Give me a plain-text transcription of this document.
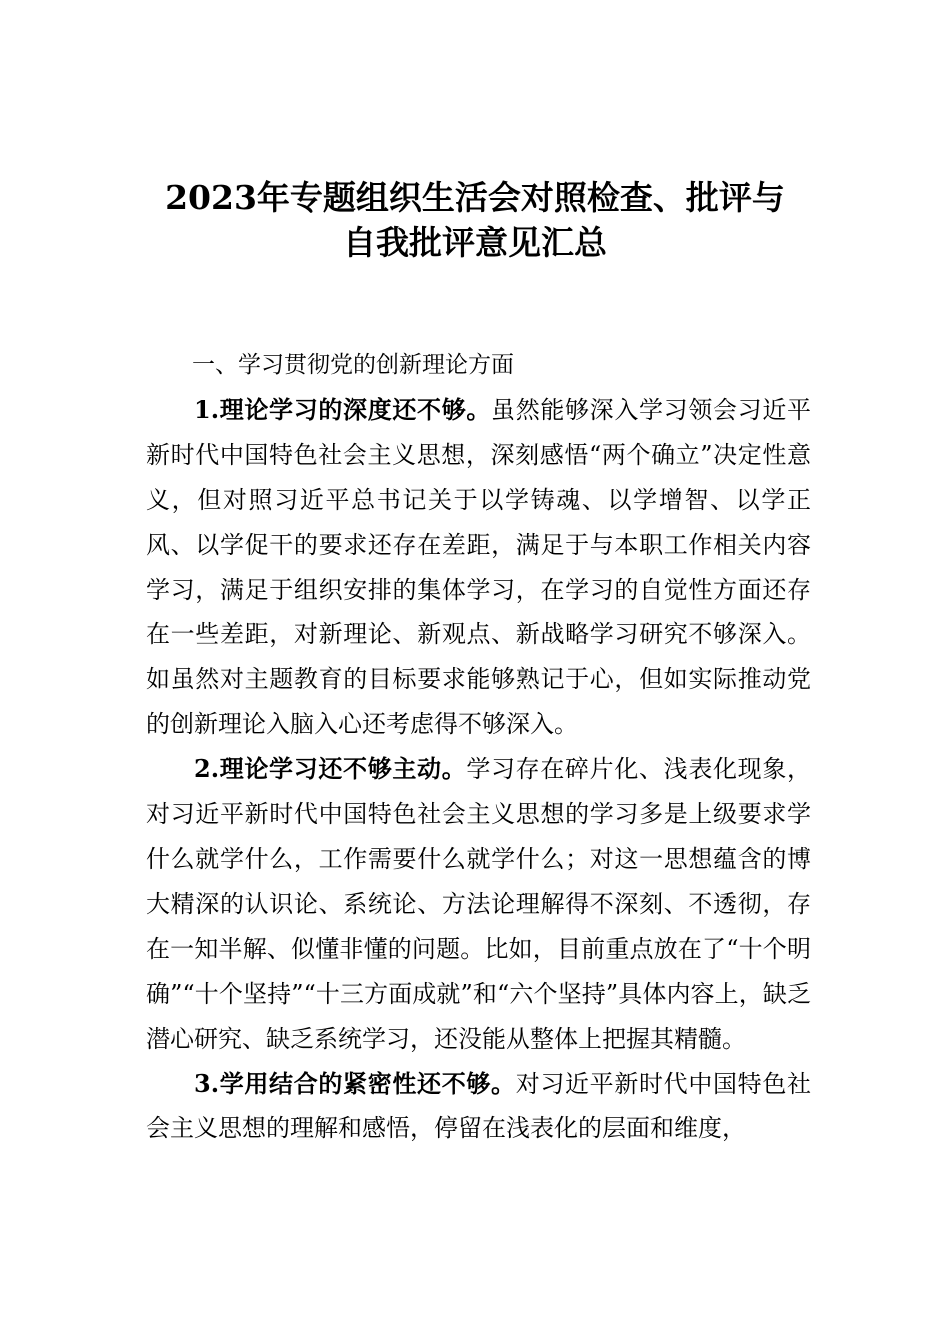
2023年专题组织生活会对照检查、批评与
自我批评意见汇总

一、学习贯彻党的创新理论方面

1.理论学习的深度还不够。虽然能够深入学习领会习近平新时代中国特色社会主义思想，深刻感悟“两个确立”决定性意义，但对照习近平总书记关于以学铸魂、以学增智、以学正风、以学促干的要求还存在差距，满足于与本职工作相关内容学习，满足于组织安排的集体学习，在学习的自觉性方面还存在一些差距，对新理论、新观点、新战略学习研究不够深入。如虽然对主题教育的目标要求能够熟记于心，但如实际推动党的创新理论入脑入心还考虑得不够深入。

2.理论学习还不够主动。学习存在碎片化、浅表化现象，对习近平新时代中国特色社会主义思想的学习多是上级要求学什么就学什么，工作需要什么就学什么；对这一思想蕴含的博大精深的认识论、系统论、方法论理解得不深刻、不透彻，存在一知半解、似懂非懂的问题。比如，目前重点放在了“十个明确”“十个坚持”“十三方面成就”和“六个坚持”具体内容上，缺乏潜心研究、缺乏系统学习，还没能从整体上把握其精髓。

3.学用结合的紧密性还不够。对习近平新时代中国特色社会主义思想的理解和感悟，停留在浅表化的层面和维度，
